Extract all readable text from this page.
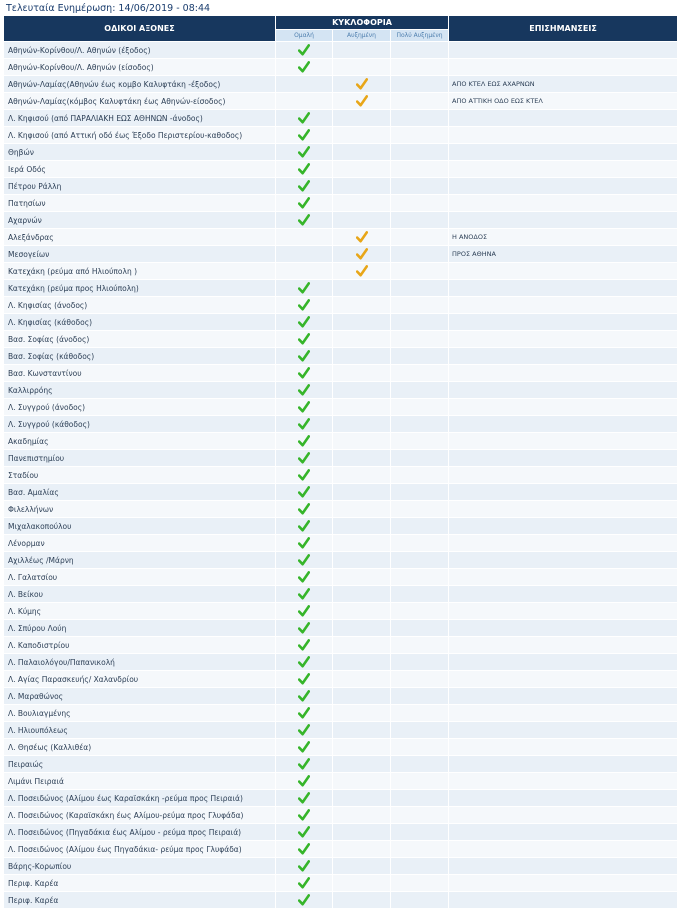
Τελευταία Ενημέρωση: 14/06/2019 - 08:44
ΟΔΙΚΟΙ ΑΞΟΝΕΣ	ΚΥΚΛΟΦΟΡΙΑ			ΕΠΙΣΗΜΑΝΣΕΙΣ
	Ομαλή	Αυξημένη	Πολύ Αυξημένη	
Αθηνών-Κορίνθου/Λ. Αθηνών (έξοδος)				
Αθηνών-Κορίνθου/Λ. Αθηνών (είσοδος)				
Αθηνών-Λαμίας(Αθηνών έως κομβο Καλυφτάκη -έξοδος)				ΑΠΟ ΚΤΕΛ ΕΩΣ ΑΧΑΡΝΩΝ
Αθηνών-Λαμίας(κόμβος Καλυφτάκη έως Αθηνών-είσοδος)				ΑΠΟ ΑΤΤΙΚΗ ΟΔΟ ΕΩΣ ΚΤΕΛ
Λ. Κηφισού (από ΠΑΡΑΛΙΑΚΗ ΕΩΣ ΑΘΗΝΩΝ -άνοδος)				
Λ. Κηφισού (από Αττική οδό έως Έξοδο Περιστερίου-καθοδος)				
Θηβών				
Ιερά Οδός				
Πέτρου Ράλλη				
Πατησίων				
Αχαρνών				
Αλεξάνδρας				Η ΑΝΟΔΟΣ
Μεσογείων				ΠΡΟΣ ΑΘΗΝΑ
Κατεχάκη (ρεύμα από Ηλιούπολη )				
Κατεχάκη (ρεύμα προς Ηλιούπολη)				
Λ. Κηφισίας (άνοδος)				
Λ. Κηφισίας (κάθοδος)				
Βασ. Σοφίας (άνοδος)				
Βασ. Σοφίας (κάθοδος)				
Βασ. Κωνσταντίνου				
Καλλιρρόης				
Λ. Συγγρού (άνοδος)				
Λ. Συγγρού (κάθοδος)				
Ακαδημίας				
Πανεπιστημίου				
Σταδίου				
Βασ. Αμαλίας				
Φιλελλήνων				
Μιχαλακοπούλου				
Λένορμαν				
Αχιλλέως /Μάρνη				
Λ. Γαλατσίου				
Λ. Βείκου				
Λ. Κύμης				
Λ. Σπύρου Λούη				
Λ. Καποδιστρίου				
Λ. Παλαιολόγου/Παπανικολή				
Λ. Αγίας Παρασκευής/ Χαλανδρίου				
Λ. Μαραθώνος				
Λ. Βουλιαγμένης				
Λ. Ηλιουπόλεως				
Λ. Θησέως (Καλλιθέα)				
Πειραιώς				
Λιμάνι Πειραιά				
Λ. Ποσειδώνος (Αλίμου έως Καραϊσκάκη -ρεύμα προς Πειραιά)				
Λ. Ποσειδώνος (Καραϊσκάκη έως Αλίμου-ρεύμα προς Γλυφάδα)				
Λ. Ποσειδώνος (Πηγαδάκια έως Αλίμου - ρεύμα προς Πειραιά)				
Λ. Ποσειδώνος (Αλίμου έως Πηγαδάκια- ρεύμα προς Γλυφάδα)				
Βάρης-Κορωπίου				
Περιφ. Καρέα				
Περιφ. Καρέα				
